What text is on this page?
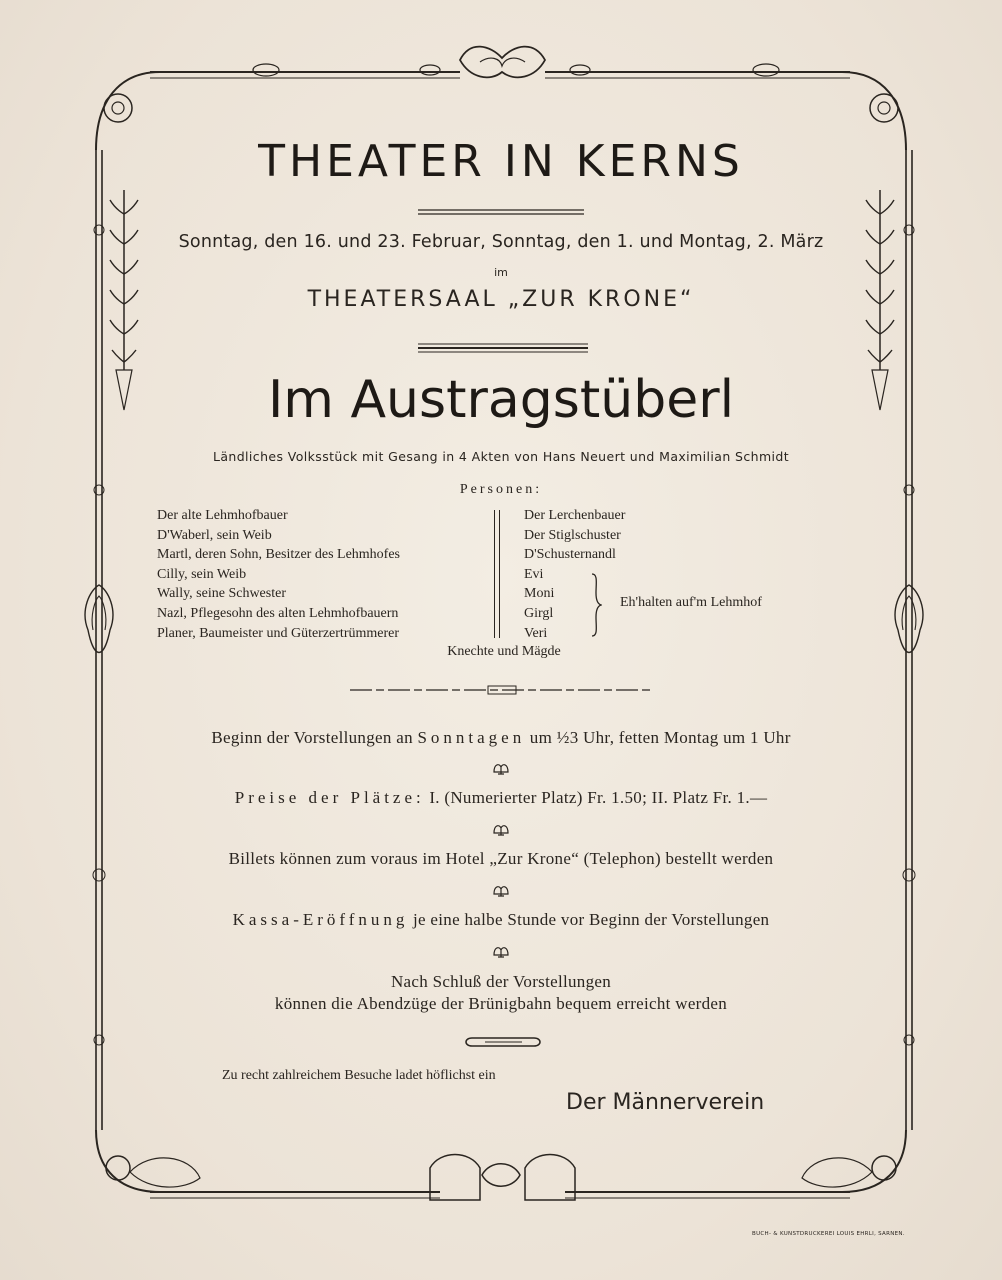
THEATER IN KERNS
Sonntag, den 16. und 23. Februar, Sonntag, den 1. und Montag, 2. März
im
THEATERSAAL „ZUR KRONE“
Im Austragstüberl
Ländliches Volksstück mit Gesang in 4 Akten von Hans Neuert und Maximilian Schmidt
Personen:
Der alte Lehmhofbauer
D'Waberl, sein Weib
Martl, deren Sohn, Besitzer des Lehmhofes
Cilly, sein Weib
Wally, seine Schwester
Nazl, Pflegesohn des alten Lehmhofbauern
Planer, Baumeister und Güterzertrümmerer
Der Lerchenbauer
Der Stiglschuster
D'Schusternandl
Evi
Moni
Girgl
Veri
Eh'halten auf'm Lehmhof
Knechte und Mägde
Beginn der Vorstellungen an Sonntagen um ½3 Uhr, fetten Montag um 1 Uhr
Preise der Plätze: I. (Numerierter Platz) Fr. 1.50; II. Platz Fr. 1.—
Billets können zum voraus im Hotel „Zur Krone“ (Telephon) bestellt werden
Kassa-Eröffnung je eine halbe Stunde vor Beginn der Vorstellungen
Nach Schluß der Vorstellungen
können die Abendzüge der Brünigbahn bequem erreicht werden
Zu recht zahlreichem Besuche ladet höflichst ein
Der Männerverein
BUCH- & KUNSTDRUCKEREI LOUIS EHRLI, SARNEN.
